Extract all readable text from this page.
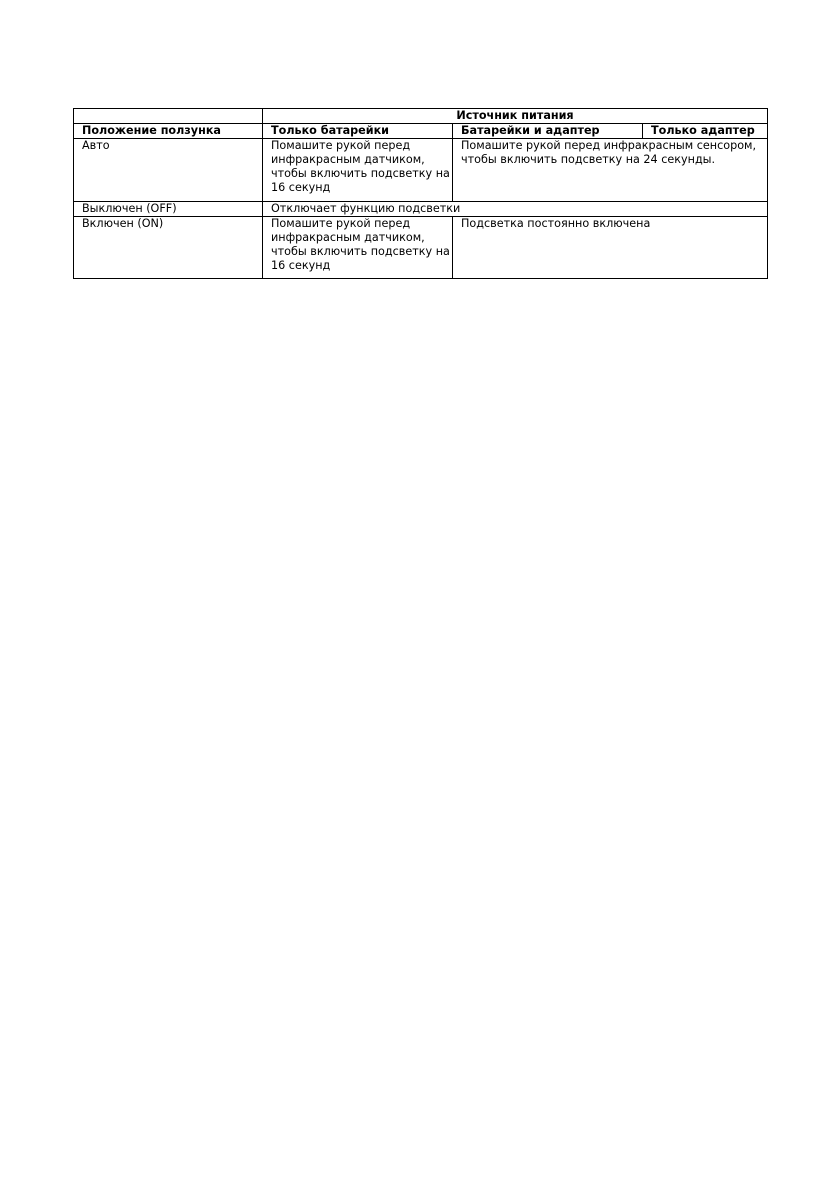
	Источник питания		
Положение ползунка	Только батарейки	Батарейки и адаптер	Только адаптер
Авто	Помашите рукой перед инфракрасным датчиком, чтобы включить подсветку на 16 секунд	Помашите рукой перед инфракрасным сенсором, чтобы включить подсветку на 24 секунды.	
Выключен (OFF)	Отключает функцию подсветки		
Включен (ON)	Помашите рукой перед инфракрасным датчиком, чтобы включить подсветку на 16 секунд	Подсветка постоянно включена	
